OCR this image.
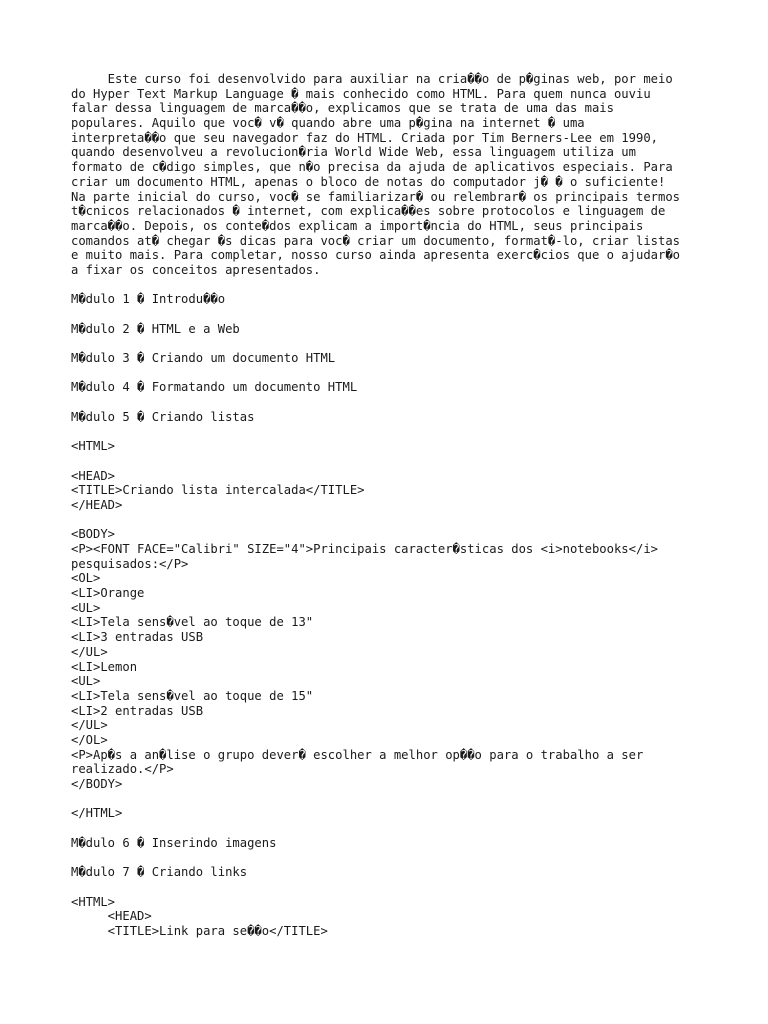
Este curso foi desenvolvido para auxiliar na cria��o de p�ginas web, por meio
do Hyper Text Markup Language � mais conhecido como HTML. Para quem nunca ouviu
falar dessa linguagem de marca��o, explicamos que se trata de uma das mais
populares. Aquilo que voc� v� quando abre uma p�gina na internet � uma
interpreta��o que seu navegador faz do HTML. Criada por Tim Berners-Lee em 1990,
quando desenvolveu a revolucion�ria World Wide Web, essa linguagem utiliza um
formato de c�digo simples, que n�o precisa da ajuda de aplicativos especiais. Para
criar um documento HTML, apenas o bloco de notas do computador j� � o suficiente!
Na parte inicial do curso, voc� se familiarizar� ou relembrar� os principais termos
t�cnicos relacionados � internet, com explica��es sobre protocolos e linguagem de
marca��o. Depois, os conte�dos explicam a import�ncia do HTML, seus principais
comandos at� chegar �s dicas para voc� criar um documento, format�-lo, criar listas
e muito mais. Para completar, nosso curso ainda apresenta exerc�cios que o ajudar�o
a fixar os conceitos apresentados.
M�dulo 1 � Introdu��o
M�dulo 2 � HTML e a Web
M�dulo 3 � Criando um documento HTML
M�dulo 4 � Formatando um documento HTML
M�dulo 5 � Criando listas
<HTML>
<HEAD>
<TITLE>Criando lista intercalada</TITLE>
</HEAD>
<BODY>
<P><FONT FACE="Calibri" SIZE="4">Principais caracter�sticas dos <i>notebooks</i>
pesquisados:</P>
<OL>
<LI>Orange
<UL>
<LI>Tela sens�vel ao toque de 13"
<LI>3 entradas USB
</UL>
<LI>Lemon
<UL>
<LI>Tela sens�vel ao toque de 15"
<LI>2 entradas USB
</UL>
</OL>
<P>Ap�s a an�lise o grupo dever� escolher a melhor op��o para o trabalho a ser
realizado.</P>
</BODY>
</HTML>
M�dulo 6 � Inserindo imagens
M�dulo 7 � Criando links
<HTML>
<HEAD>
<TITLE>Link para se��o</TITLE>
